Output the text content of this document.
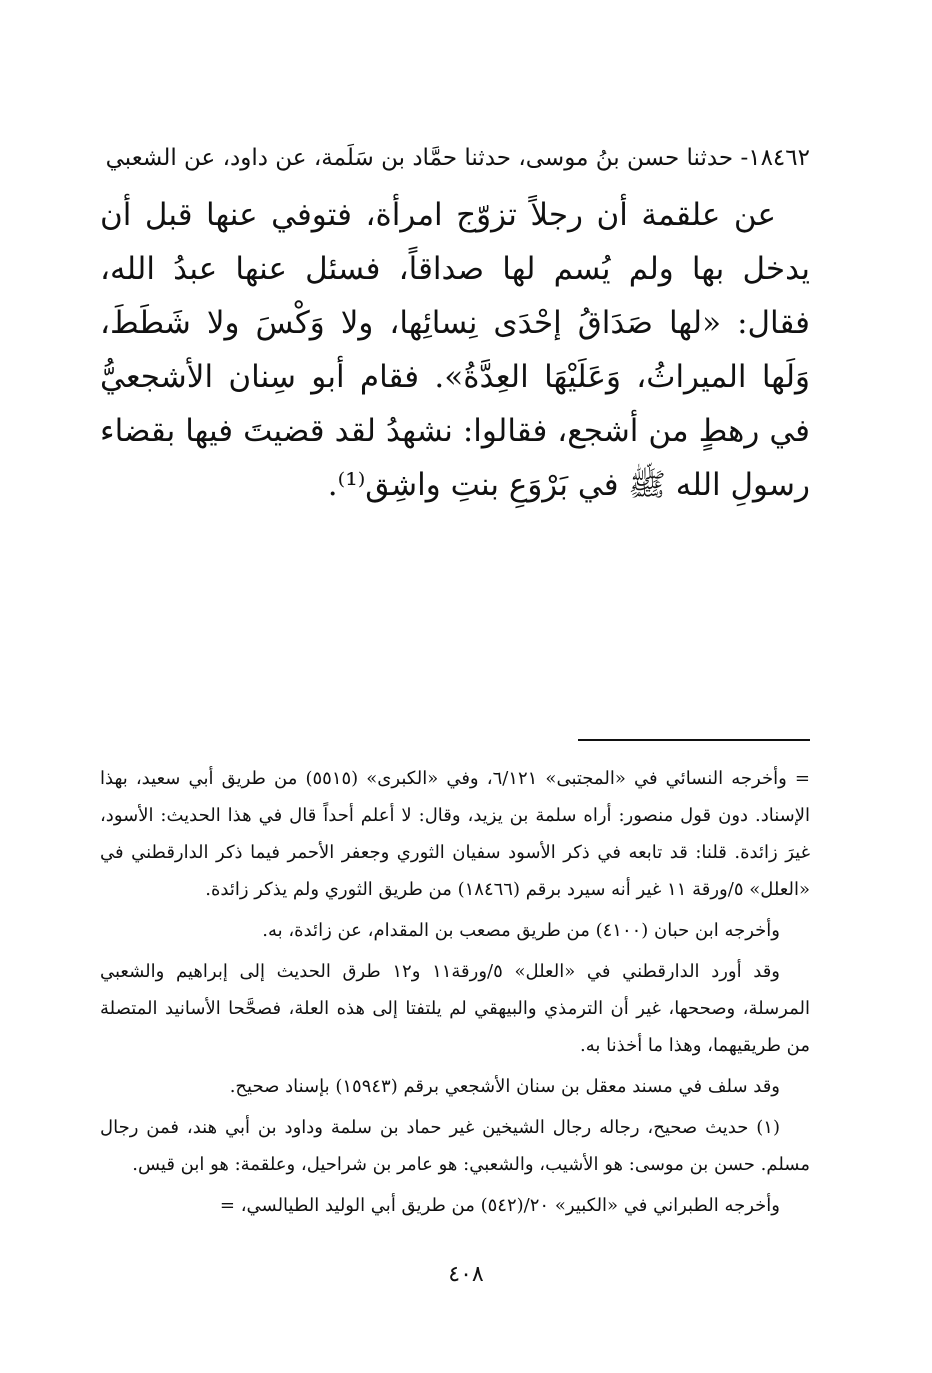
١٨٤٦٢- حدثنا حسن بنُ موسى، حدثنا حمَّاد بن سَلَمة، عن داود، عن الشعبي

عن علقمة أن رجلاً تزوّج امرأة، فتوفي عنها قبل أن يدخل بها ولم يُسم لها صداقاً، فسئل عنها عبدُ الله، فقال: «لها صَدَاقُ إحْدَى نِسائِها، ولا وَكْسَ ولا شَطَطَ، وَلَها الميراثُ، وَعَلَيْهَا العِدَّةُ». فقام أبو سِنان الأشجعيُّ في رهطٍ من أشجع، فقالوا: نشهدُ لقد قضيتَ فيها بقضاء رسولِ الله ﷺ في بَرْوَعِ بنتِ واشِق⁽¹⁾.

= وأخرجه النسائي في «المجتبى» ٦/١٢١، وفي «الكبرى» (٥٥١٥) من طريق أبي سعيد، بهذا الإسناد. دون قول منصور: أراه سلمة بن يزيد، وقال: لا أعلم أحداً قال في هذا الحديث: الأسود، غيرَ زائدة. قلنا: قد تابعه في ذكر الأسود سفيان الثوري وجعفر الأحمر فيما ذكر الدارقطني في «العلل» ٥/ورقة ١١ غير أنه سيرد برقم (١٨٤٦٦) من طريق الثوري ولم يذكر زائدة.

وأخرجه ابن حبان (٤١٠٠) من طريق مصعب بن المقدام، عن زائدة، به.

وقد أورد الدارقطني في «العلل» ٥/ورقة١١ و١٢ طرق الحديث إلى إبراهيم والشعبي المرسلة، وصححها، غير أن الترمذي والبيهقي لم يلتفتا إلى هذه العلة، فصحَّحا الأسانيد المتصلة من طريقيهما، وهذا ما أخذنا به.

وقد سلف في مسند معقل بن سنان الأشجعي برقم (١٥٩٤٣) بإسناد صحيح.

(١) حديث صحيح، رجاله رجال الشيخين غير حماد بن سلمة وداود بن أبي هند، فمن رجال مسلم. حسن بن موسى: هو الأشيب، والشعبي: هو عامر بن شراحيل، وعلقمة: هو ابن قيس.

وأخرجه الطبراني في «الكبير» ٢٠/(٥٤٢) من طريق أبي الوليد الطيالسي، =

٤٠٨
